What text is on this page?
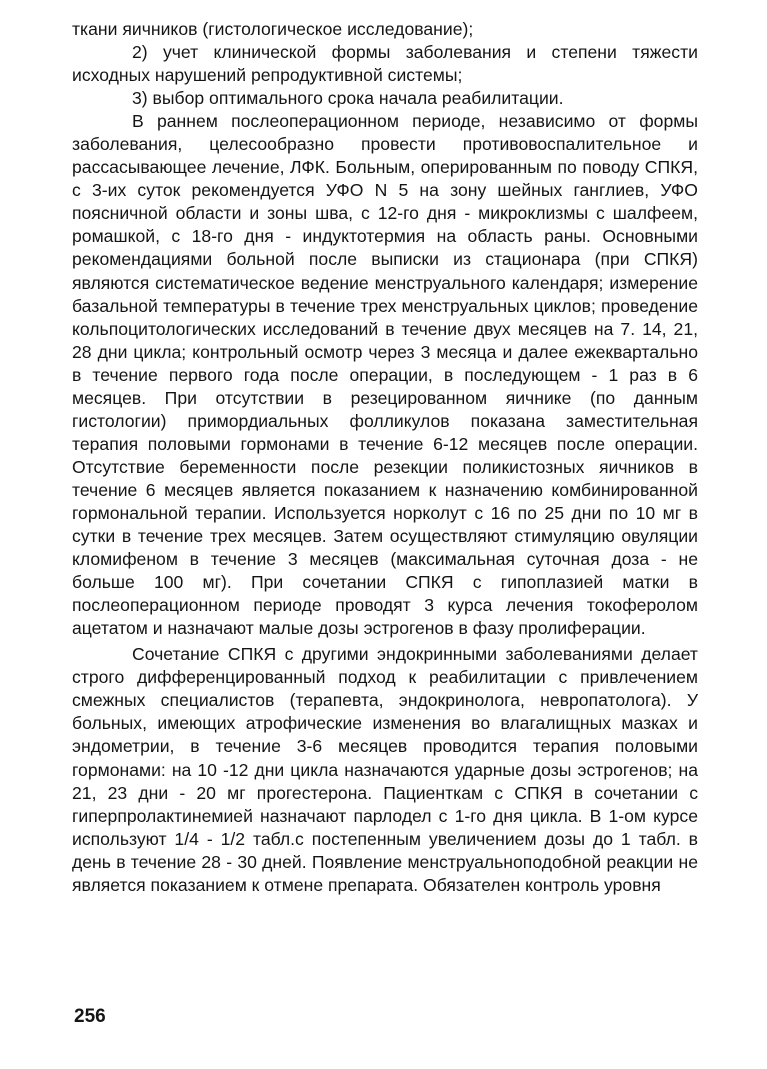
ткани яичников (гистологическое исследование);

2) учет клинической формы заболевания и степени тяжести исходных нарушений репродуктивной системы;

3) выбор оптимального срока начала реабилитации.

В раннем послеоперационном периоде, независимо от формы заболевания, целесообразно провести противовоспалительное и рассасывающее лечение, ЛФК. Больным, оперированным по поводу СПКЯ, с 3-их суток рекомендуется УФО N 5 на зону шейных ганглиев, УФО поясничной области и зоны шва, с 12-го дня - микроклизмы с шалфеем, ромашкой, с 18-го дня - индуктотермия на область раны. Основными рекомендациями больной после выписки из стационара (при СПКЯ) являются систематическое ведение менструального календаря; измерение базальной температуры в течение трех менструальных циклов; проведение кольпоцитологических исследований в течение двух месяцев на 7. 14, 21, 28 дни цикла; контрольный осмотр через 3 месяца и далее ежеквартально в течение первого года после операции, в последующем - 1 раз в 6 месяцев. При отсутствии в резецированном яичнике (по данным гистологии) примордиальных фолликулов показана заместительная терапия половыми гормонами в течение 6-12 месяцев после операции. Отсутствие беременности после резекции поликистозных яичников в течение 6 месяцев является показанием к назначению комбинированной гормональной терапии. Используется норколут с 16 по 25 дни по 10 мг в сутки в течение трех месяцев. Затем осуществляют стимуляцию овуляции кломифеном в течение 3 месяцев (максимальная суточная доза - не больше 100 мг). При сочетании СПКЯ с гипоплазией матки в послеоперационном периоде проводят 3 курса лечения токоферолом ацетатом и назначают малые дозы эстрогенов в фазу пролиферации.

Сочетание СПКЯ с другими эндокринными заболеваниями делает строго дифференцированный подход к реабилитации с привлечением смежных специалистов (терапевта, эндокринолога, невропатолога). У больных, имеющих атрофические изменения во влагалищных мазках и эндометрии, в течение 3-6 месяцев проводится терапия половыми гормонами: на 10 -12 дни цикла назначаются ударные дозы эстрогенов; на 21, 23 дни - 20 мг прогестерона. Пациенткам с СПКЯ в сочетании с гиперпролактинемией назначают парлодел с 1-го дня цикла. В 1-ом курсе используют 1/4 - 1/2 табл.с постепенным увеличением дозы до 1 табл. в день в течение 28 - 30 дней. Появление менструальноподобной реакции не является показанием к отмене препарата. Обязателен контроль уровня

256
